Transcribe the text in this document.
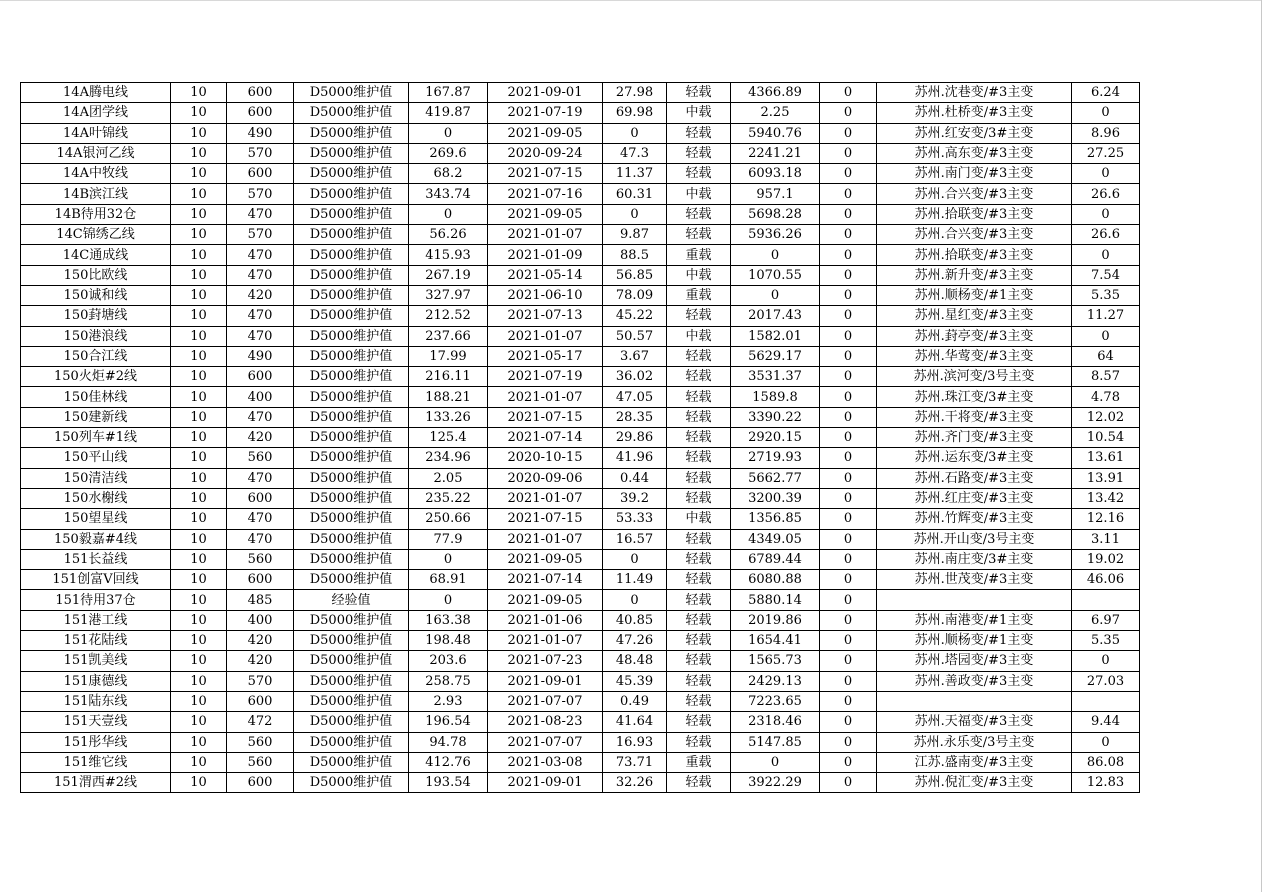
14A腾电线	10	600	D5000维护值	167.87	2021-09-01	27.98	轻载	4366.89	0	苏州.沈巷变/#3主变	6.24
14A团学线	10	600	D5000维护值	419.87	2021-07-19	69.98	中载	2.25	0	苏州.杜桥变/#3主变	0
14A叶锦线	10	490	D5000维护值	0	2021-09-05	0	轻载	5940.76	0	苏州.红安变/3#主变	8.96
14A银河乙线	10	570	D5000维护值	269.6	2020-09-24	47.3	轻载	2241.21	0	苏州.高东变/#3主变	27.25
14A中牧线	10	600	D5000维护值	68.2	2021-07-15	11.37	轻载	6093.18	0	苏州.南门变/#3主变	0
14B滨江线	10	570	D5000维护值	343.74	2021-07-16	60.31	中载	957.1	0	苏州.合兴变/#3主变	26.6
14B待用32仓	10	470	D5000维护值	0	2021-09-05	0	轻载	5698.28	0	苏州.拾联变/#3主变	0
14C锦绣乙线	10	570	D5000维护值	56.26	2021-01-07	9.87	轻载	5936.26	0	苏州.合兴变/#3主变	26.6
14C通成线	10	470	D5000维护值	415.93	2021-01-09	88.5	重载	0	0	苏州.拾联变/#3主变	0
150比欧线	10	470	D5000维护值	267.19	2021-05-14	56.85	中载	1070.55	0	苏州.新升变/#3主变	7.54
150诚和线	10	420	D5000维护值	327.97	2021-06-10	78.09	重载	0	0	苏州.顺杨变/#1主变	5.35
150葑塘线	10	470	D5000维护值	212.52	2021-07-13	45.22	轻载	2017.43	0	苏州.星红变/#3主变	11.27
150港浪线	10	470	D5000维护值	237.66	2021-01-07	50.57	中载	1582.01	0	苏州.葑亭变/#3主变	0
150合江线	10	490	D5000维护值	17.99	2021-05-17	3.67	轻载	5629.17	0	苏州.华莺变/#3主变	64
150火炬#2线	10	600	D5000维护值	216.11	2021-07-19	36.02	轻载	3531.37	0	苏州.滨河变/3号主变	8.57
150佳林线	10	400	D5000维护值	188.21	2021-01-07	47.05	轻载	1589.8	0	苏州.珠江变/3#主变	4.78
150建新线	10	470	D5000维护值	133.26	2021-07-15	28.35	轻载	3390.22	0	苏州.干将变/#3主变	12.02
150列车#1线	10	420	D5000维护值	125.4	2021-07-14	29.86	轻载	2920.15	0	苏州.齐门变/#3主变	10.54
150平山线	10	560	D5000维护值	234.96	2020-10-15	41.96	轻载	2719.93	0	苏州.运东变/3#主变	13.61
150清洁线	10	470	D5000维护值	2.05	2020-09-06	0.44	轻载	5662.77	0	苏州.石路变/#3主变	13.91
150水榭线	10	600	D5000维护值	235.22	2021-01-07	39.2	轻载	3200.39	0	苏州.红庄变/#3主变	13.42
150望星线	10	470	D5000维护值	250.66	2021-07-15	53.33	中载	1356.85	0	苏州.竹辉变/#3主变	12.16
150毅嘉#4线	10	470	D5000维护值	77.9	2021-01-07	16.57	轻载	4349.05	0	苏州.开山变/3号主变	3.11
151长益线	10	560	D5000维护值	0	2021-09-05	0	轻载	6789.44	0	苏州.南庄变/3#主变	19.02
151创富Ⅴ回线	10	600	D5000维护值	68.91	2021-07-14	11.49	轻载	6080.88	0	苏州.世茂变/#3主变	46.06
151待用37仓	10	485	经验值	0	2021-09-05	0	轻载	5880.14	0		
151港工线	10	400	D5000维护值	163.38	2021-01-06	40.85	轻载	2019.86	0	苏州.南港变/#1主变	6.97
151花陆线	10	420	D5000维护值	198.48	2021-01-07	47.26	轻载	1654.41	0	苏州.顺杨变/#1主变	5.35
151凯美线	10	420	D5000维护值	203.6	2021-07-23	48.48	轻载	1565.73	0	苏州.塔园变/#3主变	0
151康德线	10	570	D5000维护值	258.75	2021-09-01	45.39	轻载	2429.13	0	苏州.善政变/#3主变	27.03
151陆东线	10	600	D5000维护值	2.93	2021-07-07	0.49	轻载	7223.65	0		
151天壹线	10	472	D5000维护值	196.54	2021-08-23	41.64	轻载	2318.46	0	苏州.天福变/#3主变	9.44
151彤华线	10	560	D5000维护值	94.78	2021-07-07	16.93	轻载	5147.85	0	苏州.永乐变/3号主变	0
151维它线	10	560	D5000维护值	412.76	2021-03-08	73.71	重载	0	0	江苏.盛南变/#3主变	86.08
151渭西#2线	10	600	D5000维护值	193.54	2021-09-01	32.26	轻载	3922.29	0	苏州.倪汇变/#3主变	12.83
